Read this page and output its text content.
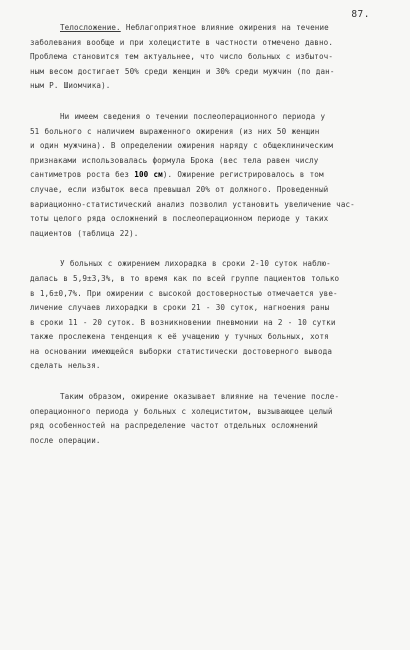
87.

Телосложение. Неблагоприятное влияние ожирения на течение
заболевания вообще и при холецистите в частности отмечено давно.
Проблема становится тем актуальнее, что число больных с избыточ-
ным весом достигает 50% среди женщин и 30% среди мужчин (по дан-
ным Р. Шиомчика).

Ни имеем сведения о течении послеоперационного периода у
51 больного с наличием выраженного ожирения (из них 50 женщин
и один мужчина). В определении ожирения наряду с общеклиническим
признаками использовалась формула Брока (вес тела равен числу
сантиметров роста без 100 см). Ожирение регистрировалось в том
случае, если избыток веса превышал 20% от должного. Проведенный
вариационно-статистический анализ позволил установить увеличение час-
тоты целого ряда осложнений в послеоперационном периоде у таких
пациентов (таблица 22).

У больных с ожирением лихорадка в сроки 2-10 суток наблю-
далась в 5,9±3,3%, в то время как по всей группе пациентов только
в 1,6±0,7%. При ожирении с высокой достоверностью отмечается уве-
личение случаев лихорадки в сроки 21 - 30 суток, нагноения раны
в сроки 11 - 20 суток. В возникновении пневмонии на 2 - 10 сутки
также прослежена тенденция к её учащению у тучных больных, хотя
на основании имеющейся выборки статистически достоверного вывода
сделать нельзя.

Таким образом, ожирение оказывает влияние на течение после-
операционного периода у больных с холециститом, вызывающее целый
ряд особенностей на распределение частот отдельных осложнений
после операции.
